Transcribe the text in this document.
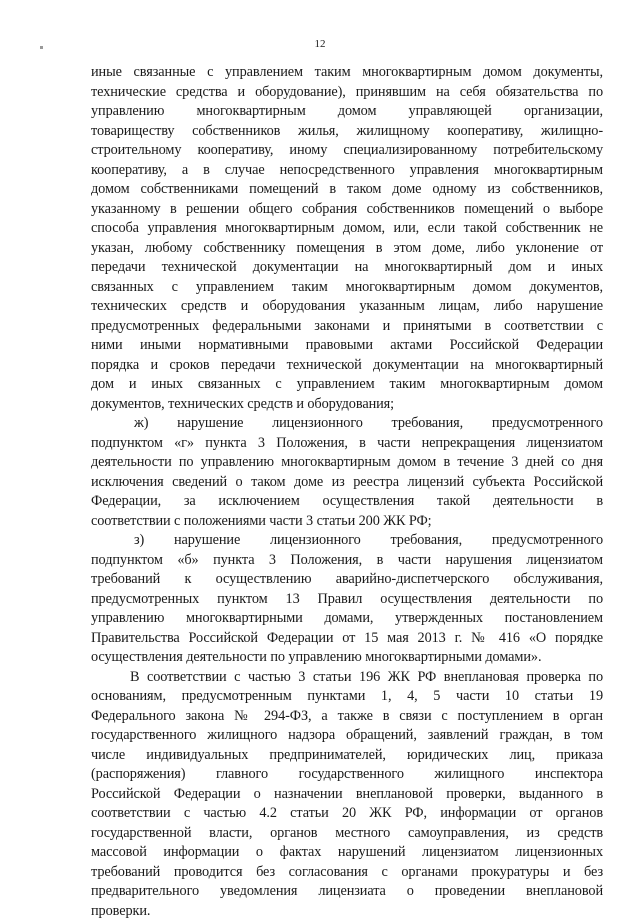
12
иные связанные с управлением таким многоквартирным домом документы,
технические средства и оборудование), принявшим на себя обязательства по
управлению многоквартирным домом управляющей организации,
товариществу собственников жилья, жилищному кооперативу, жилищно-
строительному кооперативу, иному специализированному потребительскому
кооперативу, а в случае непосредственного управления многоквартирным
домом собственниками помещений в таком доме одному из собственников,
указанному в решении общего собрания собственников помещений о выборе
способа управления многоквартирным домом, или, если такой собственник не
указан, любому собственнику помещения в этом доме, либо уклонение от
передачи технической документации на многоквартирный дом и иных
связанных с управлением таким многоквартирным домом документов,
технических средств и оборудования указанным лицам, либо нарушение
предусмотренных федеральными законами и принятыми в соответствии с
ними иными нормативными правовыми актами Российской Федерации
порядка и сроков передачи технической документации на многоквартирный
дом и иных связанных с управлением таким многоквартирным домом
документов, технических средств и оборудования;
ж) нарушение лицензионного требования, предусмотренного
подпунктом «г» пункта 3 Положения, в части непрекращения лицензиатом
деятельности по управлению многоквартирным домом в течение 3 дней со дня
исключения сведений о таком доме из реестра лицензий субъекта Российской
Федерации, за исключением осуществления такой деятельности в
соответствии с положениями части 3 статьи 200 ЖК РФ;
з) нарушение лицензионного требования, предусмотренного
подпунктом «б» пункта 3 Положения, в части нарушения лицензиатом
требований к осуществлению аварийно-диспетчерского обслуживания,
предусмотренных пунктом 13 Правил осуществления деятельности по
управлению многоквартирными домами, утвержденных постановлением
Правительства Российской Федерации от 15 мая 2013 г. № 416 «О порядке
осуществления деятельности по управлению многоквартирными домами».
В соответствии с частью 3 статьи 196 ЖК РФ внеплановая проверка по
основаниям, предусмотренным пунктами 1, 4, 5 части 10 статьи 19
Федерального закона № 294-ФЗ, а также в связи с поступлением в орган
государственного жилищного надзора обращений, заявлений граждан, в том
числе индивидуальных предпринимателей, юридических лиц, приказа
(распоряжения) главного государственного жилищного инспектора
Российской Федерации о назначении внеплановой проверки, выданного в
соответствии с частью 4.2 статьи 20 ЖК РФ, информации от органов
государственной власти, органов местного самоуправления, из средств
массовой информации о фактах нарушений лицензиатом лицензионных
требований проводится без согласования с органами прокуратуры и без
предварительного уведомления лицензиата о проведении внеплановой
проверки.
